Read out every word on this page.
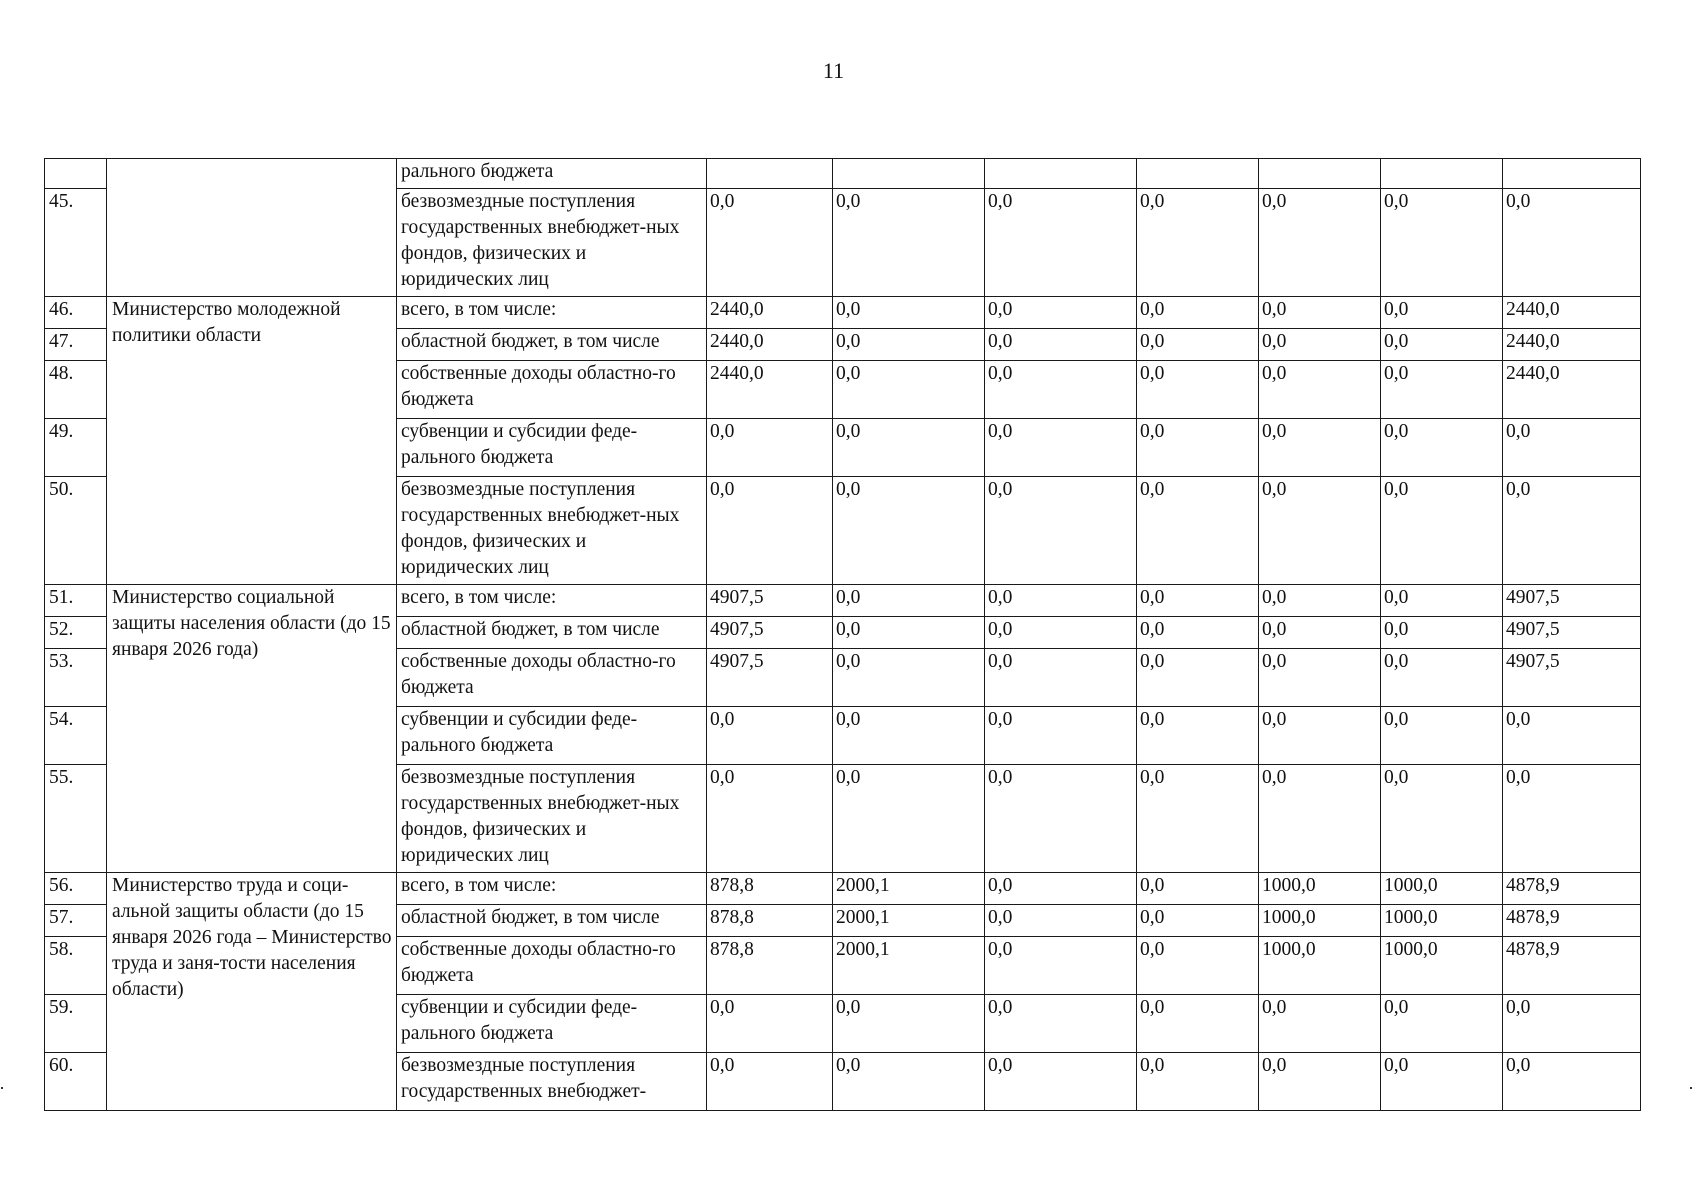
11
		рального бюджета							
45.		безвозмездные поступления государственных внебюджет-ных фондов, физических и юридических лиц	0,0	0,0	0,0	0,0	0,0	0,0	0,0
46.	Министерство молодежной политики области	всего, в том числе:	2440,0	0,0	0,0	0,0	0,0	0,0	2440,0
47.		областной бюджет, в том числе	2440,0	0,0	0,0	0,0	0,0	0,0	2440,0
48.		собственные доходы областно-го бюджета	2440,0	0,0	0,0	0,0	0,0	0,0	2440,0
49.		субвенции и субсидии феде-рального бюджета	0,0	0,0	0,0	0,0	0,0	0,0	0,0
50.		безвозмездные поступления государственных внебюджет-ных фондов, физических и юридических лиц	0,0	0,0	0,0	0,0	0,0	0,0	0,0
51.	Министерство социальной защиты населения области (до 15 января 2026 года)	всего, в том числе:	4907,5	0,0	0,0	0,0	0,0	0,0	4907,5
52.		областной бюджет, в том числе	4907,5	0,0	0,0	0,0	0,0	0,0	4907,5
53.		собственные доходы областно-го бюджета	4907,5	0,0	0,0	0,0	0,0	0,0	4907,5
54.		субвенции и субсидии феде-рального бюджета	0,0	0,0	0,0	0,0	0,0	0,0	0,0
55.		безвозмездные поступления государственных внебюджет-ных фондов, физических и юридических лиц	0,0	0,0	0,0	0,0	0,0	0,0	0,0
56.	Министерство труда и соци-альной защиты области (до 15 января 2026 года – Министерство труда и заня-тости населения области)	всего, в том числе:	878,8	2000,1	0,0	0,0	1000,0	1000,0	4878,9
57.		областной бюджет, в том числе	878,8	2000,1	0,0	0,0	1000,0	1000,0	4878,9
58.		собственные доходы областно-го бюджета	878,8	2000,1	0,0	0,0	1000,0	1000,0	4878,9
59.		субвенции и субсидии феде-рального бюджета	0,0	0,0	0,0	0,0	0,0	0,0	0,0
60.		безвозмездные поступления государственных внебюджет-	0,0	0,0	0,0	0,0	0,0	0,0	0,0
